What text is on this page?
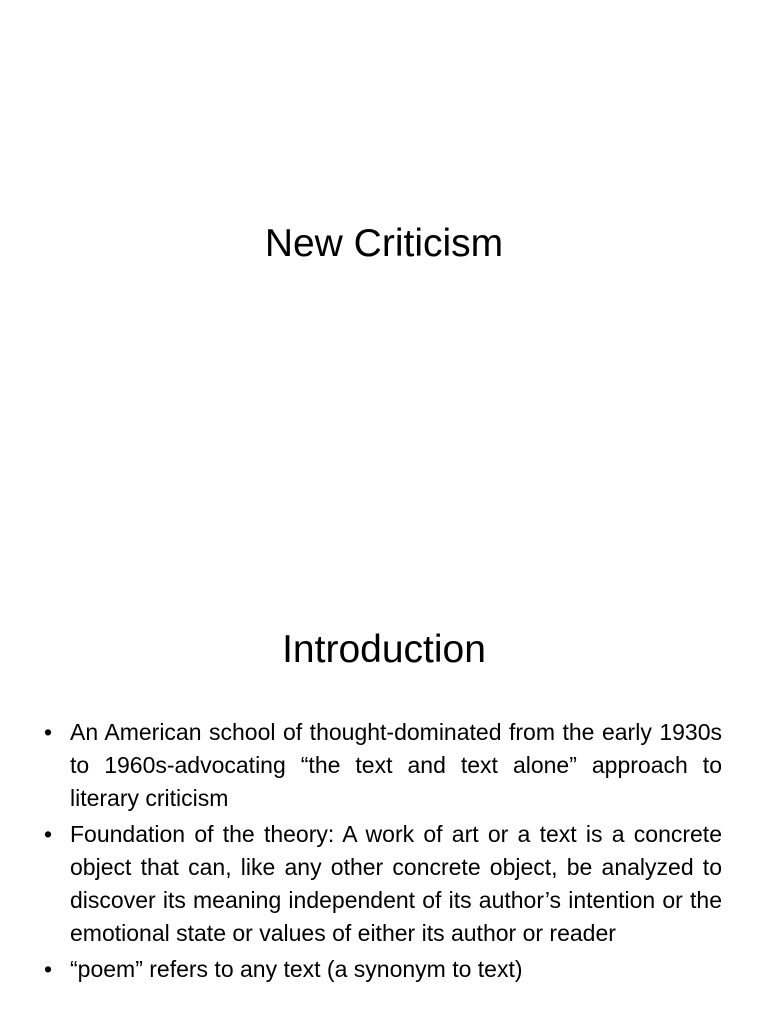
New Criticism
Introduction
• An American school of thought-dominated from the early 1930s to 1960s-advocating “the text and text alone” approach to literary criticism
• Foundation of the theory: A work of art or a text is a concrete object that can, like any other concrete object, be analyzed to discover its meaning independent of its author’s intention or the emotional state or values of either its author or reader
• “poem” refers to any text (a synonym to text)
